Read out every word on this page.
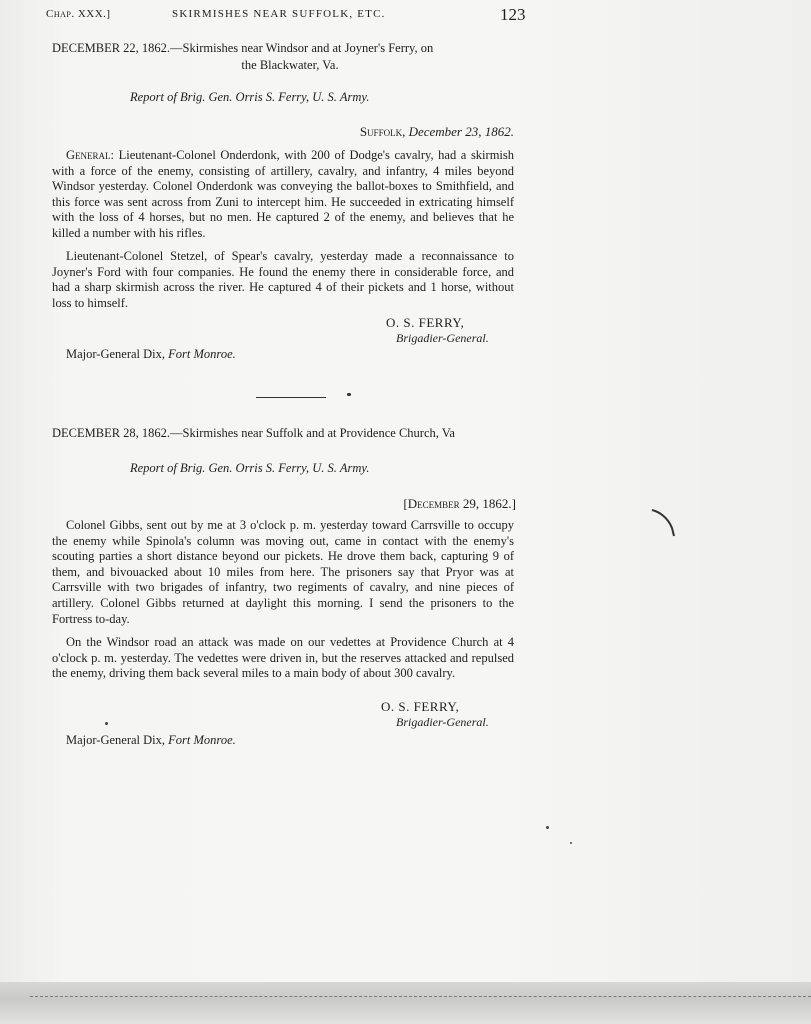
Chap. XXX.]	SKIRMISHES NEAR SUFFOLK, ETC.	123
DECEMBER 22, 1862.—Skirmishes near Windsor and at Joyner's Ferry, on
the Blackwater, Va.
Report of Brig. Gen. Orris S. Ferry, U. S. Army.
Suffolk, December 23, 1862.
General: Lieutenant-Colonel Onderdonk, with 200 of Dodge's cavalry, had a skirmish with a force of the enemy, consisting of artillery, cavalry, and infantry, 4 miles beyond Windsor yesterday. Colonel Onderdonk was conveying the ballot-boxes to Smithfield, and this force was sent across from Zuni to intercept him. He succeeded in extricating himself with the loss of 4 horses, but no men. He captured 2 of the enemy, and believes that he killed a number with his rifles.
Lieutenant-Colonel Stetzel, of Spear's cavalry, yesterday made a reconnaissance to Joyner's Ford with four companies. He found the enemy there in considerable force, and had a sharp skirmish across the river. He captured 4 of their pickets and 1 horse, without loss to himself.
O. S. FERRY,
Brigadier-General.
Major-General Dix, Fort Monroe.
DECEMBER 28, 1862.—Skirmishes near Suffolk and at Providence Church, Va
Report of Brig. Gen. Orris S. Ferry, U. S. Army.
[December 29, 1862.]
Colonel Gibbs, sent out by me at 3 o'clock p. m. yesterday toward Carrsville to occupy the enemy while Spinola's column was moving out, came in contact with the enemy's scouting parties a short distance beyond our pickets. He drove them back, capturing 9 of them, and bivouacked about 10 miles from here. The prisoners say that Pryor was at Carrsville with two brigades of infantry, two regiments of cavalry, and nine pieces of artillery. Colonel Gibbs returned at daylight this morning. I send the prisoners to the Fortress to-day.
On the Windsor road an attack was made on our vedettes at Providence Church at 4 o'clock p. m. yesterday. The vedettes were driven in, but the reserves attacked and repulsed the enemy, driving them back several miles to a main body of about 300 cavalry.
O. S. FERRY,
Brigadier-General.
Major-General Dix, Fort Monroe.
